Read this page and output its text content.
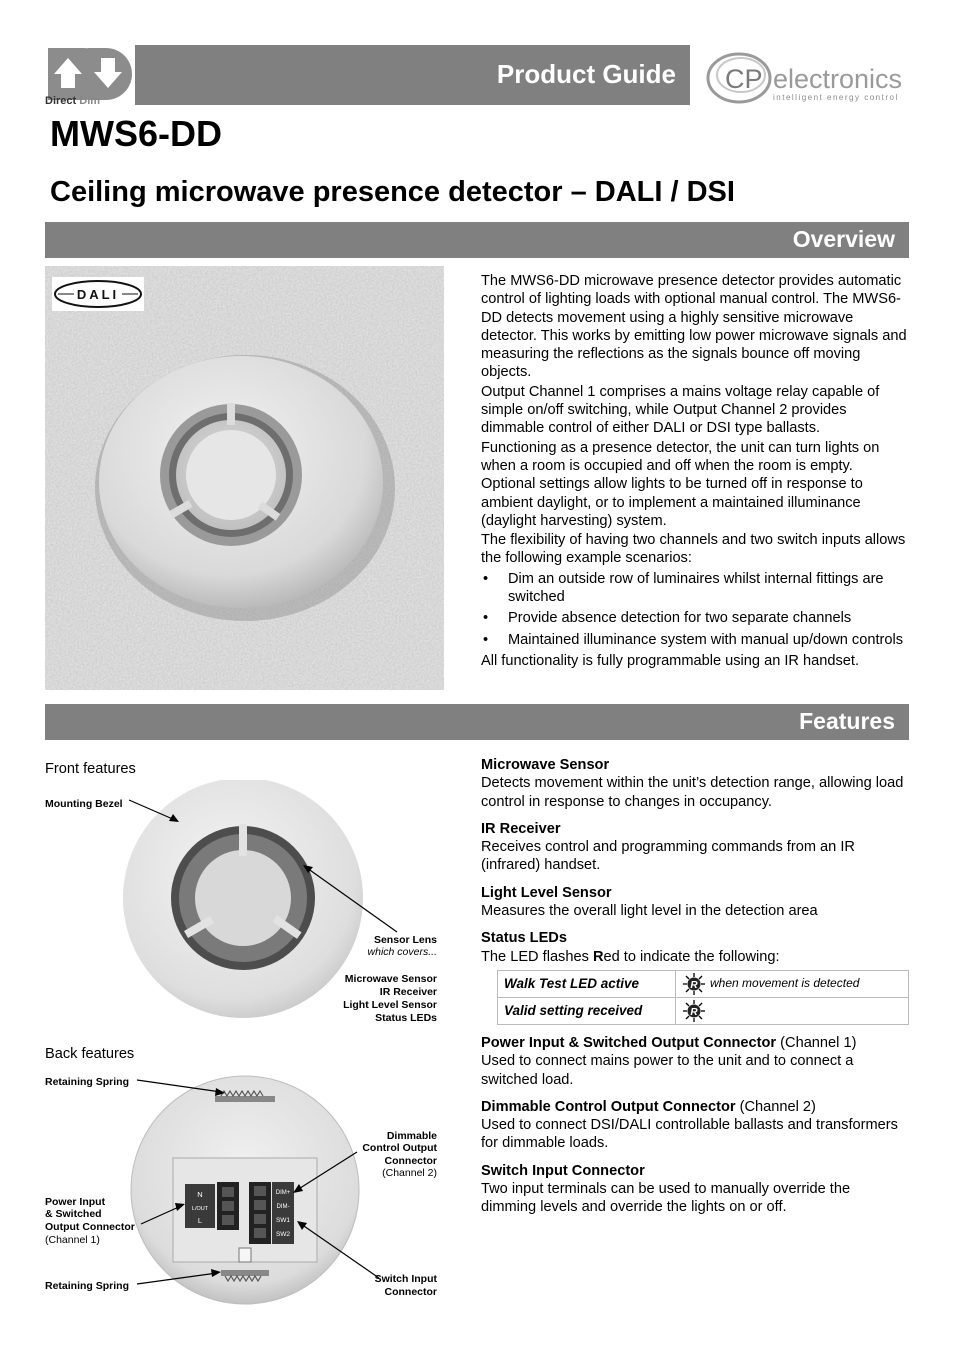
Direct Dim
Product Guide CP electronics
intelligent energy control
MWS6-DD
Ceiling microwave presence detector – DALI / DSI
Overview
DALI

The MWS6-DD microwave presence detector provides automatic control of lighting loads with optional manual control. The MWS6-DD detects movement using a highly sensitive microwave detector. This works by emitting low power microwave signals and measuring the reflections as the signals bounce off moving objects.

Output Channel 1 comprises a mains voltage relay capable of simple on/off switching, while Output Channel 2 provides dimmable control of either DALI or DSI type ballasts.

Functioning as a presence detector, the unit can turn lights on when a room is occupied and off when the room is empty. Optional settings allow lights to be turned off in response to ambient daylight, or to implement a maintained illuminance (daylight harvesting) system.

The flexibility of having two channels and two switch inputs allows the following example scenarios:

• Dim an outside row of luminaires whilst internal fittings are switched
• Provide absence detection for two separate channels
• Maintained illuminance system with manual up/down controls

All functionality is fully programmable using an IR handset.

Features
Front features
Mounting Bezel
Sensor Lens
which covers...
Microwave Sensor
IR Receiver
Light Level Sensor
Status LEDs
Back features
N
L/OUT
L
DIM+
DIM-
SW1
SW2
Retaining Spring
Dimmable
Control Output
Connector
(Channel 2)
Power Input
& Switched
Output Connector
(Channel 1)
Retaining Spring
Switch Input
Connector
Microwave Sensor
Detects movement within the unit’s detection range, allowing load control in response to changes in occupancy.
IR Receiver
Receives control and programming commands from an IR (infrared) handset.
Light Level Sensor
Measures the overall light level in the detection area
Status LEDs
The LED flashes Red to indicate the following:
Walk Test LED active	R when movement is detected
Valid setting received	R
Power Input & Switched Output Connector (Channel 1)
Used to connect mains power to the unit and to connect a switched load.
Dimmable Control Output Connector (Channel 2)
Used to connect DSI/DALI controllable ballasts and transformers for dimmable loads.
Switch Input Connector
Two input terminals can be used to manually override the dimming levels and override the lights on or off.
